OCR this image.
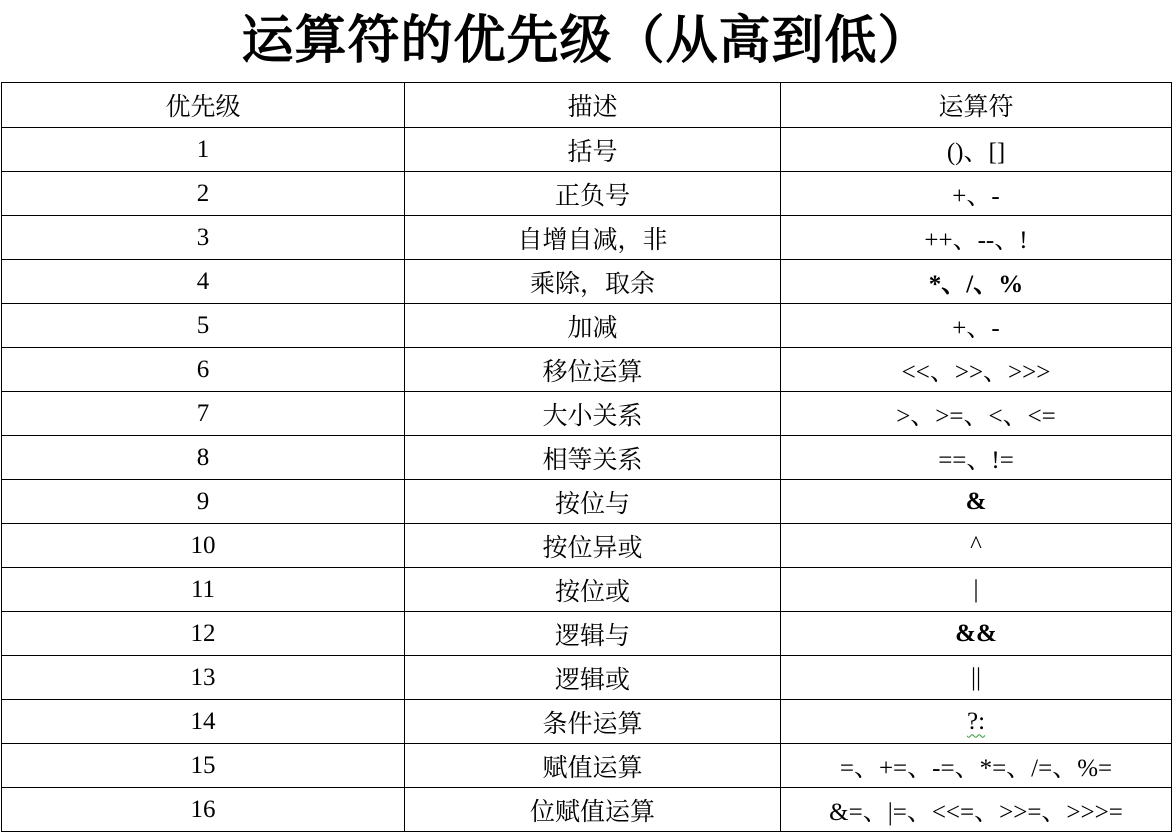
运算符的优先级（从高到低）
优先级	描述	运算符
1	括号	()、[]
2	正负号	+、-
3	自增自减，非	++、--、!
4	乘除，取余	*、/、%
5	加减	+、-
6	移位运算	<<、>>、>>>
7	大小关系	>、>=、<、<=
8	相等关系	==、!=
9	按位与	&
10	按位异或	^
11	按位或	|
12	逻辑与	&&
13	逻辑或	||
14	条件运算	?:
15	赋值运算	=、+=、-=、*=、/=、%=
16	位赋值运算	&=、|=、<<=、>>=、>>>=
